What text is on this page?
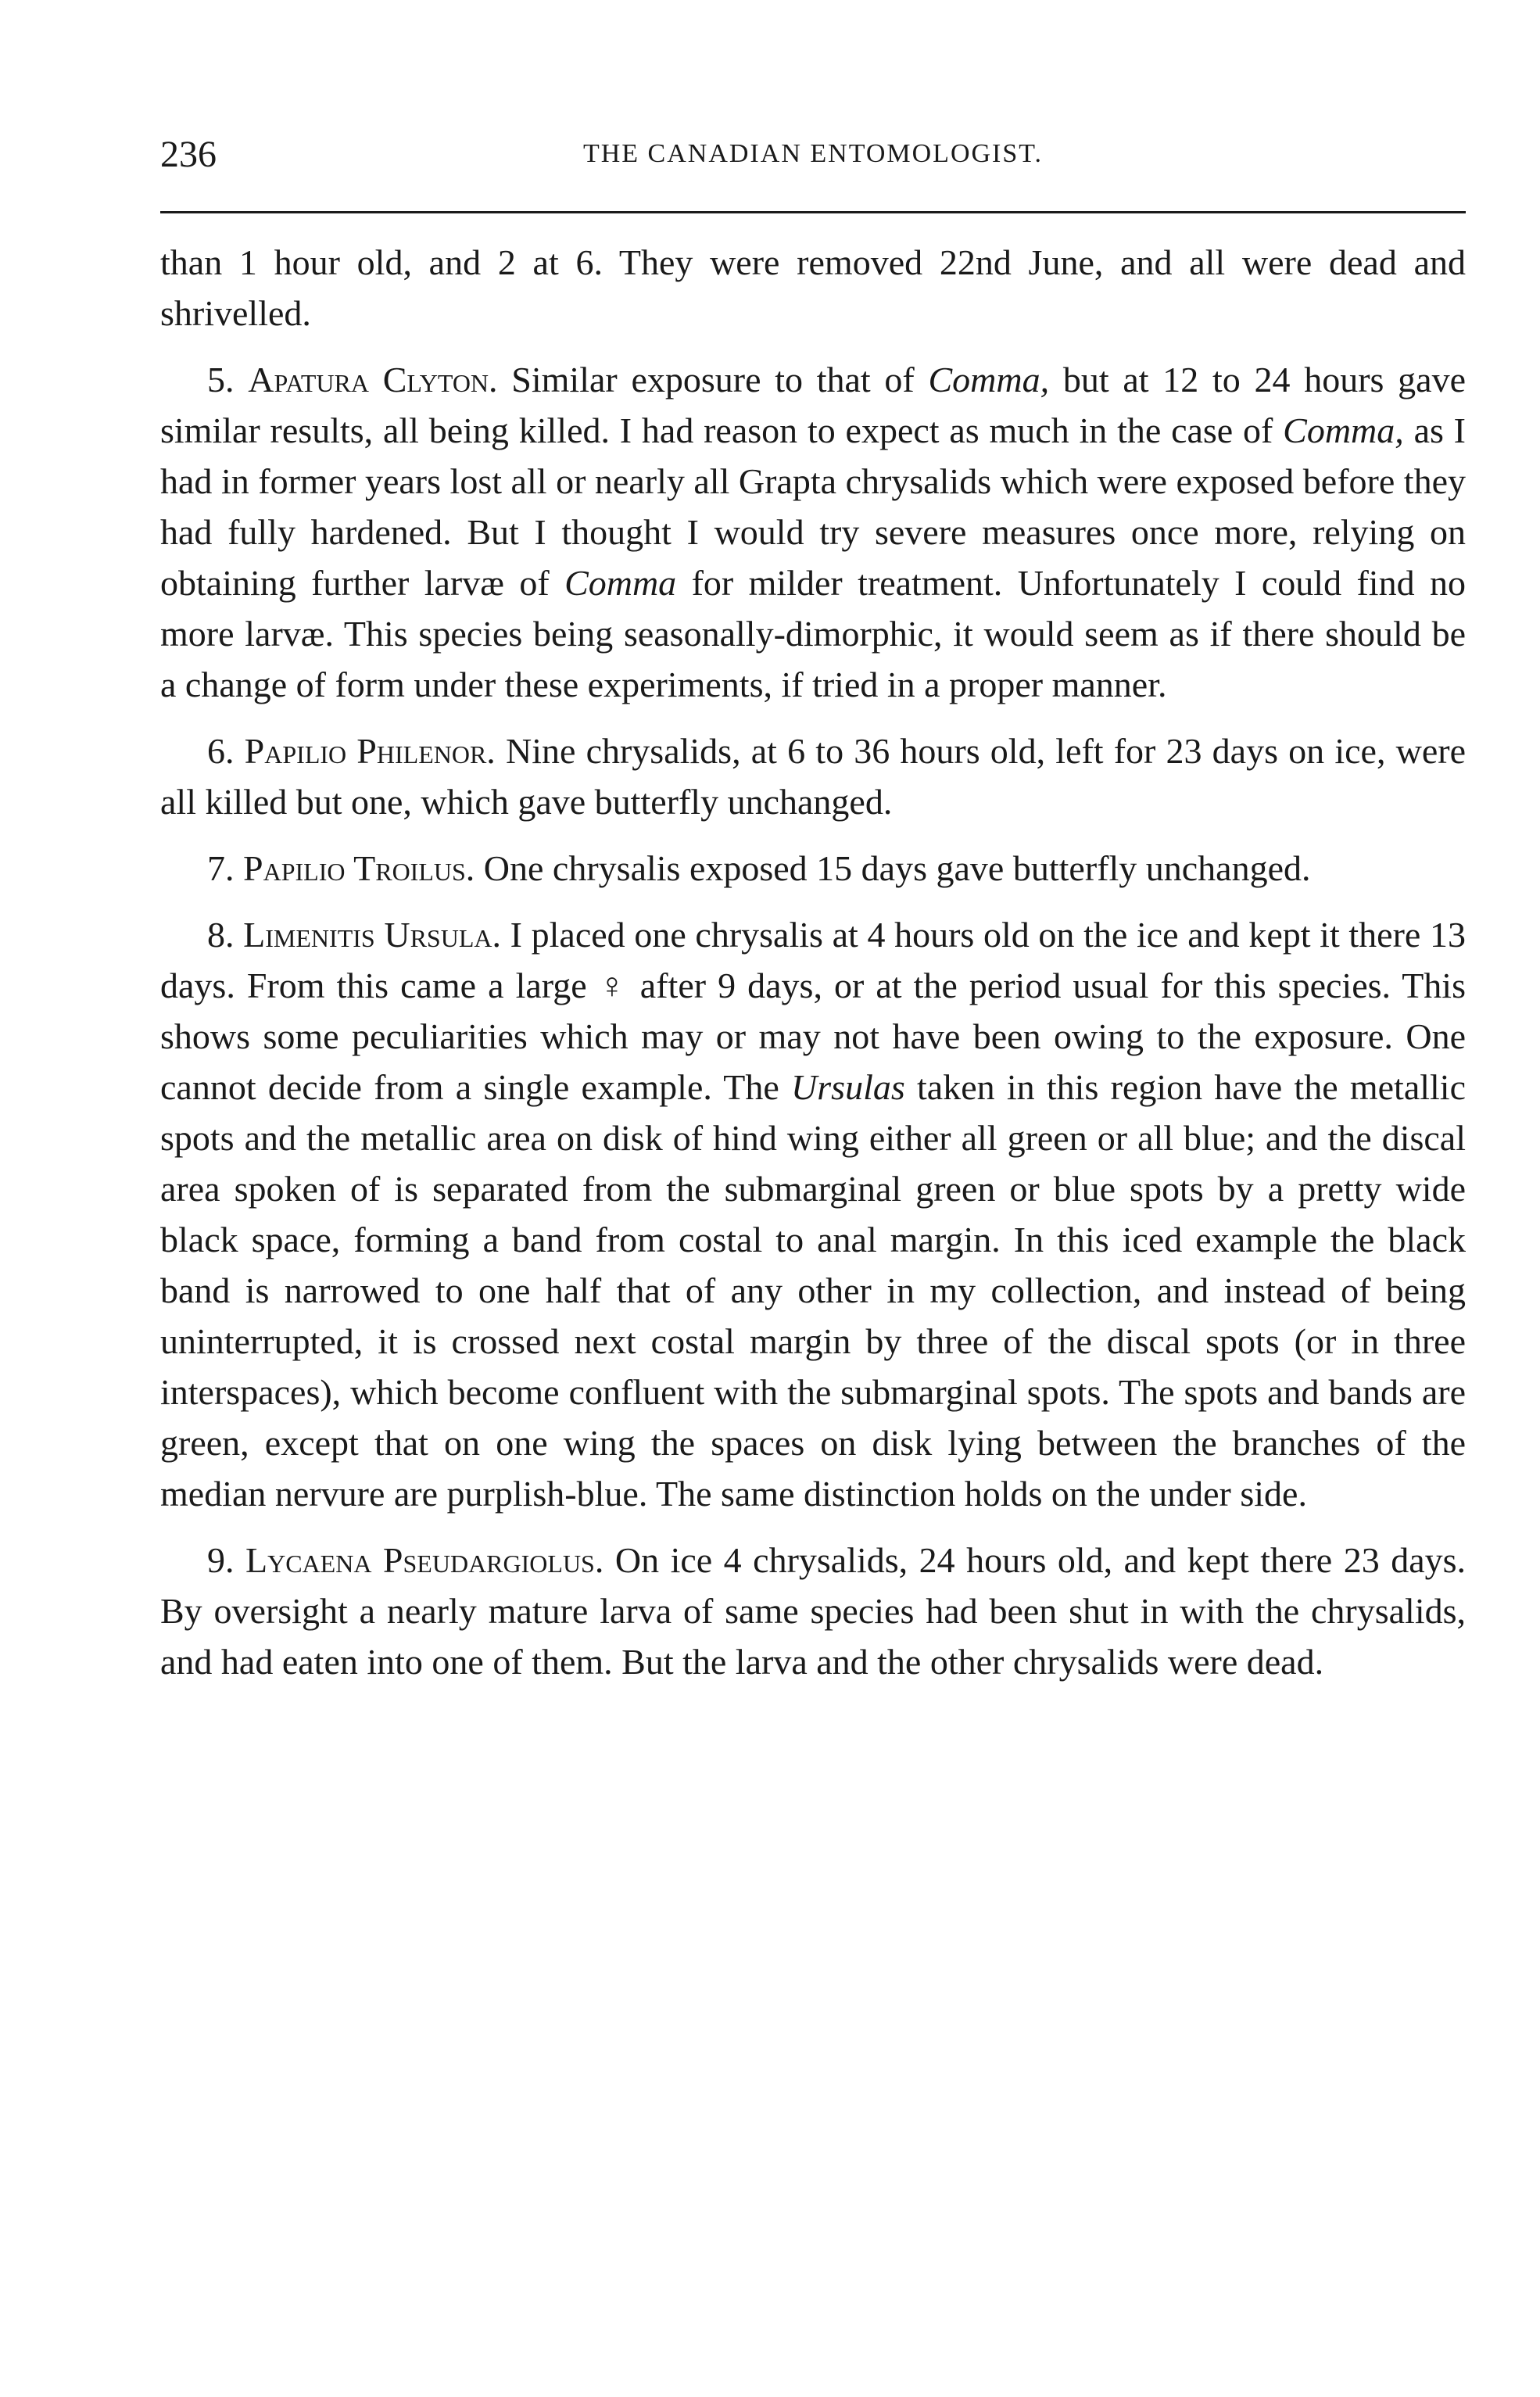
236	THE CANADIAN ENTOMOLOGIST.

than 1 hour old, and 2 at 6. They were removed 22nd June, and all were dead and shrivelled.

5. Apatura Clyton. Similar exposure to that of Comma, but at 12 to 24 hours gave similar results, all being killed. I had reason to expect as much in the case of Comma, as I had in former years lost all or nearly all Grapta chrysalids which were exposed before they had fully hardened. But I thought I would try severe measures once more, relying on obtaining further larvæ of Comma for milder treatment. Unfortunately I could find no more larvæ. This species being seasonally-dimorphic, it would seem as if there should be a change of form under these experiments, if tried in a proper manner.

6. Papilio Philenor. Nine chrysalids, at 6 to 36 hours old, left for 23 days on ice, were all killed but one, which gave butterfly unchanged.

7. Papilio Troilus. One chrysalis exposed 15 days gave butterfly unchanged.

8. Limenitis Ursula. I placed one chrysalis at 4 hours old on the ice and kept it there 13 days. From this came a large ♀ after 9 days, or at the period usual for this species. This shows some peculiarities which may or may not have been owing to the exposure. One cannot decide from a single example. The Ursulas taken in this region have the metallic spots and the metallic area on disk of hind wing either all green or all blue; and the discal area spoken of is separated from the submarginal green or blue spots by a pretty wide black space, forming a band from costal to anal margin. In this iced example the black band is narrowed to one half that of any other in my collection, and instead of being uninterrupted, it is crossed next costal margin by three of the discal spots (or in three interspaces), which become confluent with the submarginal spots. The spots and bands are green, except that on one wing the spaces on disk lying between the branches of the median nervure are purplish-blue. The same distinction holds on the under side.

9. Lycaena Pseudargiolus. On ice 4 chrysalids, 24 hours old, and kept there 23 days. By oversight a nearly mature larva of same species had been shut in with the chrysalids, and had eaten into one of them. But the larva and the other chrysalids were dead.
